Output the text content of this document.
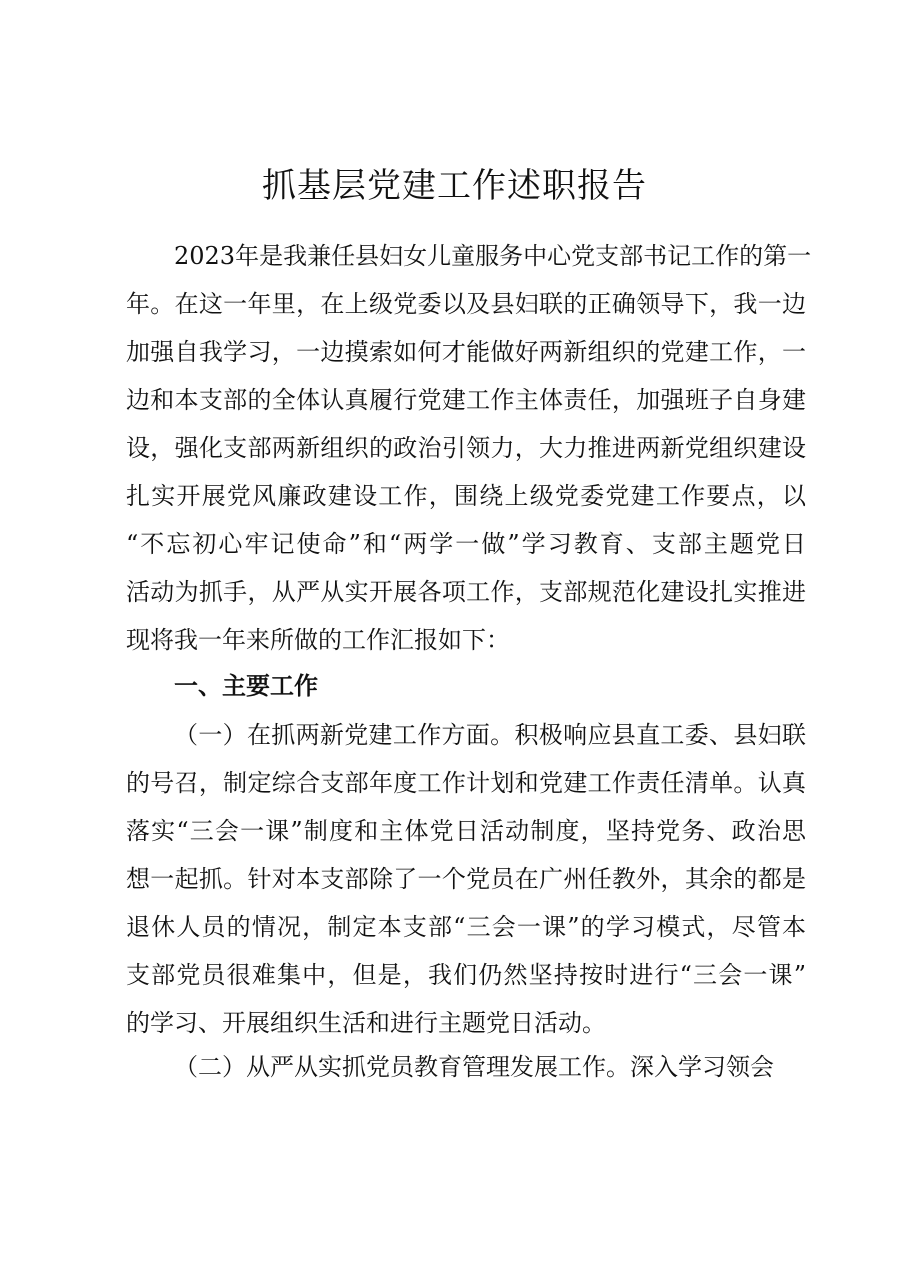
抓基层党建工作述职报告
2023年是我兼任县妇女儿童服务中心党支部书记工作的第一
年。在这一年里，在上级党委以及县妇联的正确领导下，我一边
加强自我学习，一边摸索如何才能做好两新组织的党建工作，一
边和本支部的全体认真履行党建工作主体责任，加强班子自身建
设，强化支部两新组织的政治引领力，大力推进两新党组织建设
扎实开展党风廉政建设工作，围绕上级党委党建工作要点，以
“不忘初心牢记使命”和“两学一做”学习教育、支部主题党日
活动为抓手，从严从实开展各项工作，支部规范化建设扎实推进
现将我一年来所做的工作汇报如下：
一、主要工作
（一）在抓两新党建工作方面。积极响应县直工委、县妇联
的号召，制定综合支部年度工作计划和党建工作责任清单。认真
落实“三会一课”制度和主体党日活动制度，坚持党务、政治思
想一起抓。针对本支部除了一个党员在广州任教外，其余的都是
退休人员的情况，制定本支部“三会一课”的学习模式，尽管本
支部党员很难集中，但是，我们仍然坚持按时进行“三会一课”
的学习、开展组织生活和进行主题党日活动。
（二）从严从实抓党员教育管理发展工作。深入学习领会
